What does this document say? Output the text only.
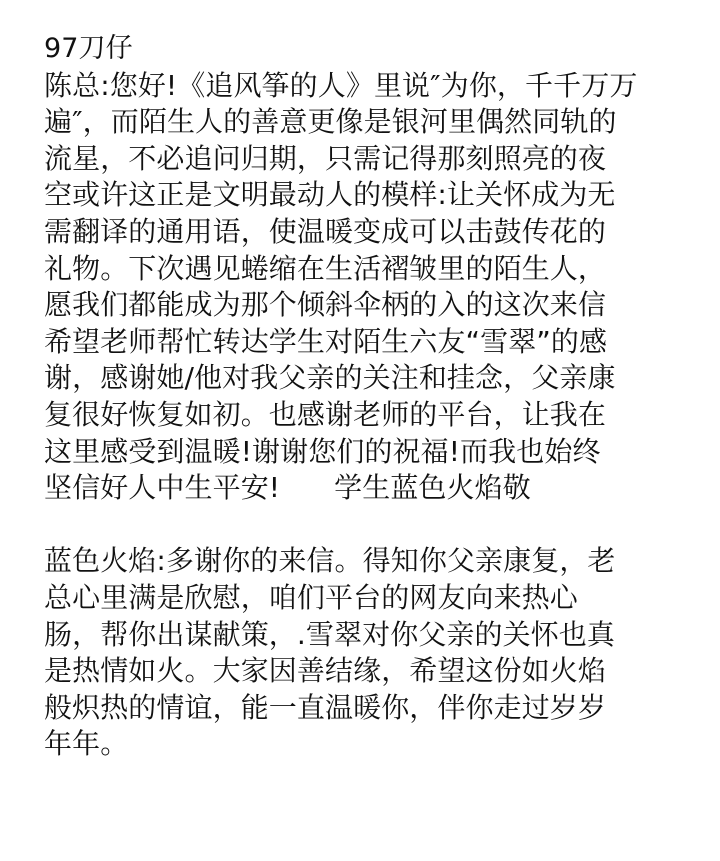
97刀仔
陈总:您好!《追风筝的人》里说″为你，千千万万
遍″，而陌生人的善意更像是银河里偶然同轨的
流星，不必追问归期，只需记得那刻照亮的夜
空或许这正是文明最动人的模样:让关怀成为无
需翻译的通用语，使温暖变成可以击鼓传花的
礼物。下次遇见蜷缩在生活褶皱里的陌生人，
愿我们都能成为那个倾斜伞柄的入的这次来信
希望老师帮忙转达学生对陌生六友“雪翠”的感
谢，感谢她/他对我父亲的关注和挂念，父亲康
复很好恢复如初。也感谢老师的平台，让我在
这里感受到温暖!谢谢您们的祝福!而我也始终
坚信好人中生平安!      学生蓝色火焰敬
蓝色火焰:多谢你的来信。得知你父亲康复，老
总心里满是欣慰，咱们平台的网友向来热心
肠，帮你出谋献策，.雪翠对你父亲的关怀也真
是热情如火。大家因善结缘，希望这份如火焰
般炽热的情谊，能一直温暖你，伴你走过岁岁
年年。
